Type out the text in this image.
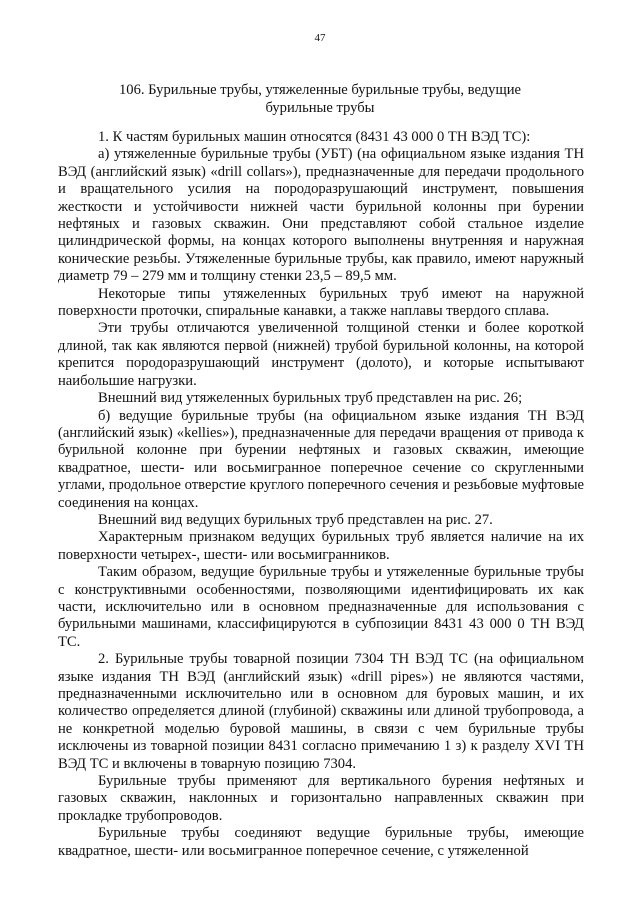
47
106. Бурильные трубы, утяжеленные бурильные трубы, ведущие
бурильные трубы

1. К частям бурильных машин относятся (8431 43 000 0 ТН ВЭД ТС):

а) утяжеленные бурильные трубы (УБТ) (на официальном языке издания ТН ВЭД (английский язык) «drill collars»), предназначенные для передачи продольного и вращательного усилия на породоразрушающий инструмент, повышения жесткости и устойчивости нижней части бурильной колонны при бурении нефтяных и газовых скважин. Они представляют собой стальное изделие цилиндрической формы, на концах которого выполнены внутренняя и наружная конические резьбы. Утяжеленные бурильные трубы, как правило, имеют наружный диаметр 79 – 279 мм и толщину стенки 23,5 – 89,5 мм.

Некоторые типы утяжеленных бурильных труб имеют на наружной поверхности проточки, спиральные канавки, а также наплавы твердого сплава.

Эти трубы отличаются увеличенной толщиной стенки и более короткой длиной, так как являются первой (нижней) трубой бурильной колонны, на которой крепится породоразрушающий инструмент (долото), и которые испытывают наибольшие нагрузки.

Внешний вид утяжеленных бурильных труб представлен на рис. 26;

б) ведущие бурильные трубы (на официальном языке издания ТН ВЭД (английский язык) «kellies»), предназначенные для передачи вращения от привода к бурильной колонне при бурении нефтяных и газовых скважин, имеющие квадратное, шести- или восьмигранное поперечное сечение со скругленными углами, продольное отверстие круглого поперечного сечения и резьбовые муфтовые соединения на концах.

Внешний вид ведущих бурильных труб представлен на рис. 27.

Характерным признаком ведущих бурильных труб является наличие на их поверхности четырех-, шести- или восьмигранников.

Таким образом, ведущие бурильные трубы и утяжеленные бурильные трубы с конструктивными особенностями, позволяющими идентифицировать их как части, исключительно или в основном предназначенные для использования с бурильными машинами, классифицируются в субпозиции 8431 43 000 0 ТН ВЭД ТС.

2. Бурильные трубы товарной позиции 7304 ТН ВЭД ТС (на официальном языке издания ТН ВЭД (английский язык) «drill pipes») не являются частями, предназначенными исключительно или в основном для буровых машин, и их количество определяется длиной (глубиной) скважины или длиной трубопровода, а не конкретной моделью буровой машины, в связи с чем бурильные трубы исключены из товарной позиции 8431 согласно примечанию 1 з) к разделу XVI ТН ВЭД ТС и включены в товарную позицию 7304.

Бурильные трубы применяют для вертикального бурения нефтяных и газовых скважин, наклонных и горизонтально направленных скважин при прокладке трубопроводов.

Бурильные трубы соединяют ведущие бурильные трубы, имеющие квадратное, шести- или восьмигранное поперечное сечение, с утяжеленной
